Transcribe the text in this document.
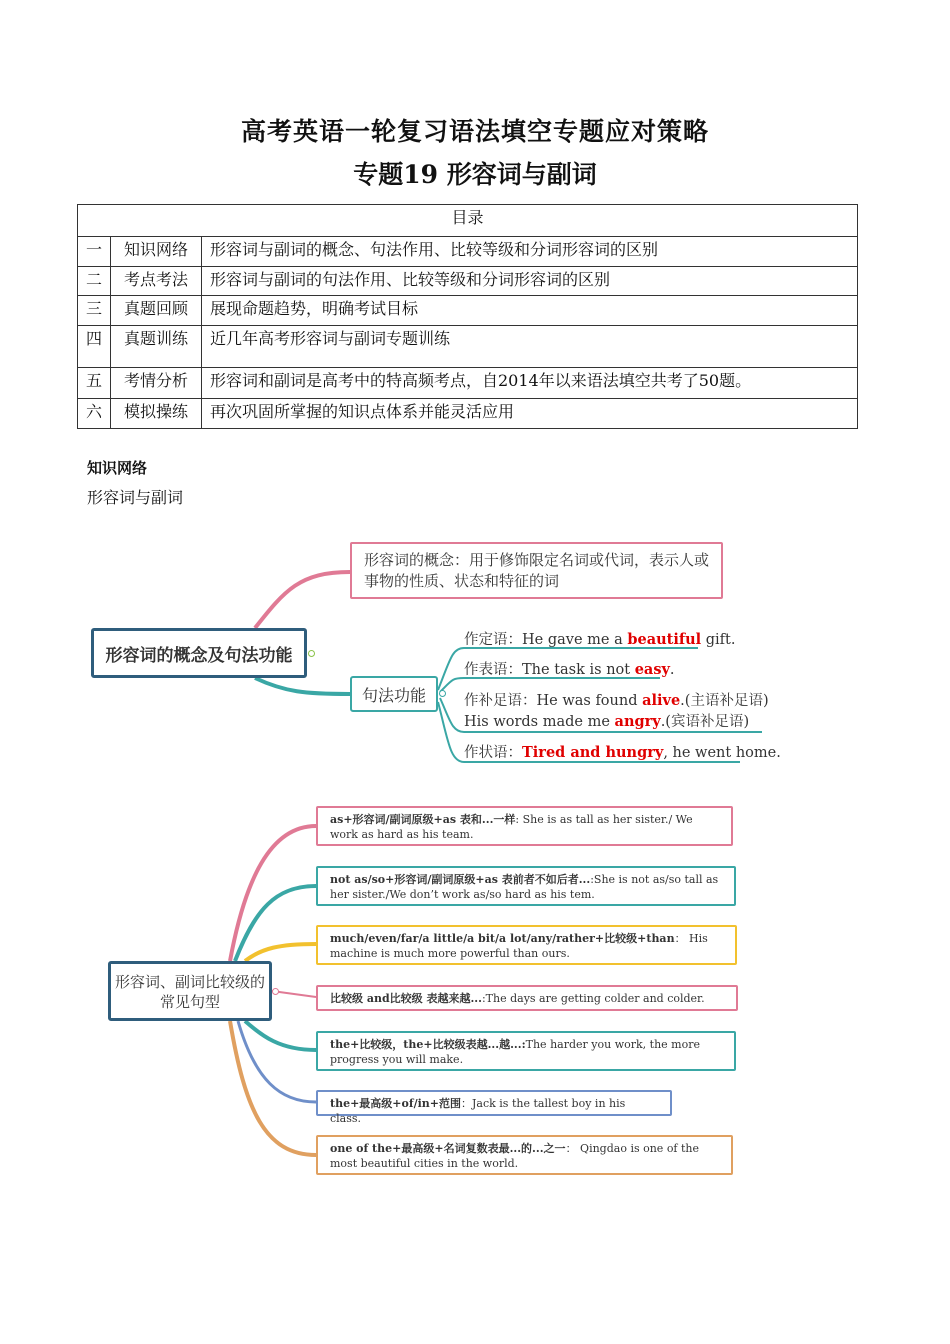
高考英语一轮复习语法填空专题应对策略
专题19 形容词与副词
目录		
一	知识网络	形容词与副词的概念、句法作用、比较等级和分词形容词的区别
二	考点考法	形容词与副词的句法作用、比较等级和分词形容词的区别
三	真题回顾	展现命题趋势，明确考试目标
四	真题训练	近几年高考形容词与副词专题训练
五	考情分析	形容词和副词是高考中的特高频考点，自2014年以来语法填空共考了50题。
六	模拟操练	再次巩固所掌握的知识点体系并能灵活应用
知识网络
形容词与副词
形容词的概念及句法功能
形容词的概念：用于修饰限定名词或代词，表示人或事物的性质、状态和特征的词
句法功能
作定语：He gave me a beautiful gift.
作表语：The task is not easy.
作补足语：He was found alive.(主语补足语)
His words made me angry.(宾语补足语)
作状语：Tired and hungry, he went home.
形容词、副词比较级的常见句型
as+形容词/副词原级+as 表和...一样: She is as tall as her sister./ We work as hard as his team.
not as/so+形容词/副词原级+as 表前者不如后者...:She is not as/so tall as her sister./We don’t work as/so hard as his tem.
much/even/far/a little/a bit/a lot/any/rather+比较级+than： His machine is much more powerful than ours.
比较级 and比较级 表越来越...:The days are getting colder and colder.
the+比较级，the+比较级表越...越...:The harder you work, the more progress you will make.
the+最高级+of/in+范围：Jack is the tallest boy in his class.
one of the+最高级+名词复数表最...的...之一： Qingdao is one of the most beautiful cities in the world.
